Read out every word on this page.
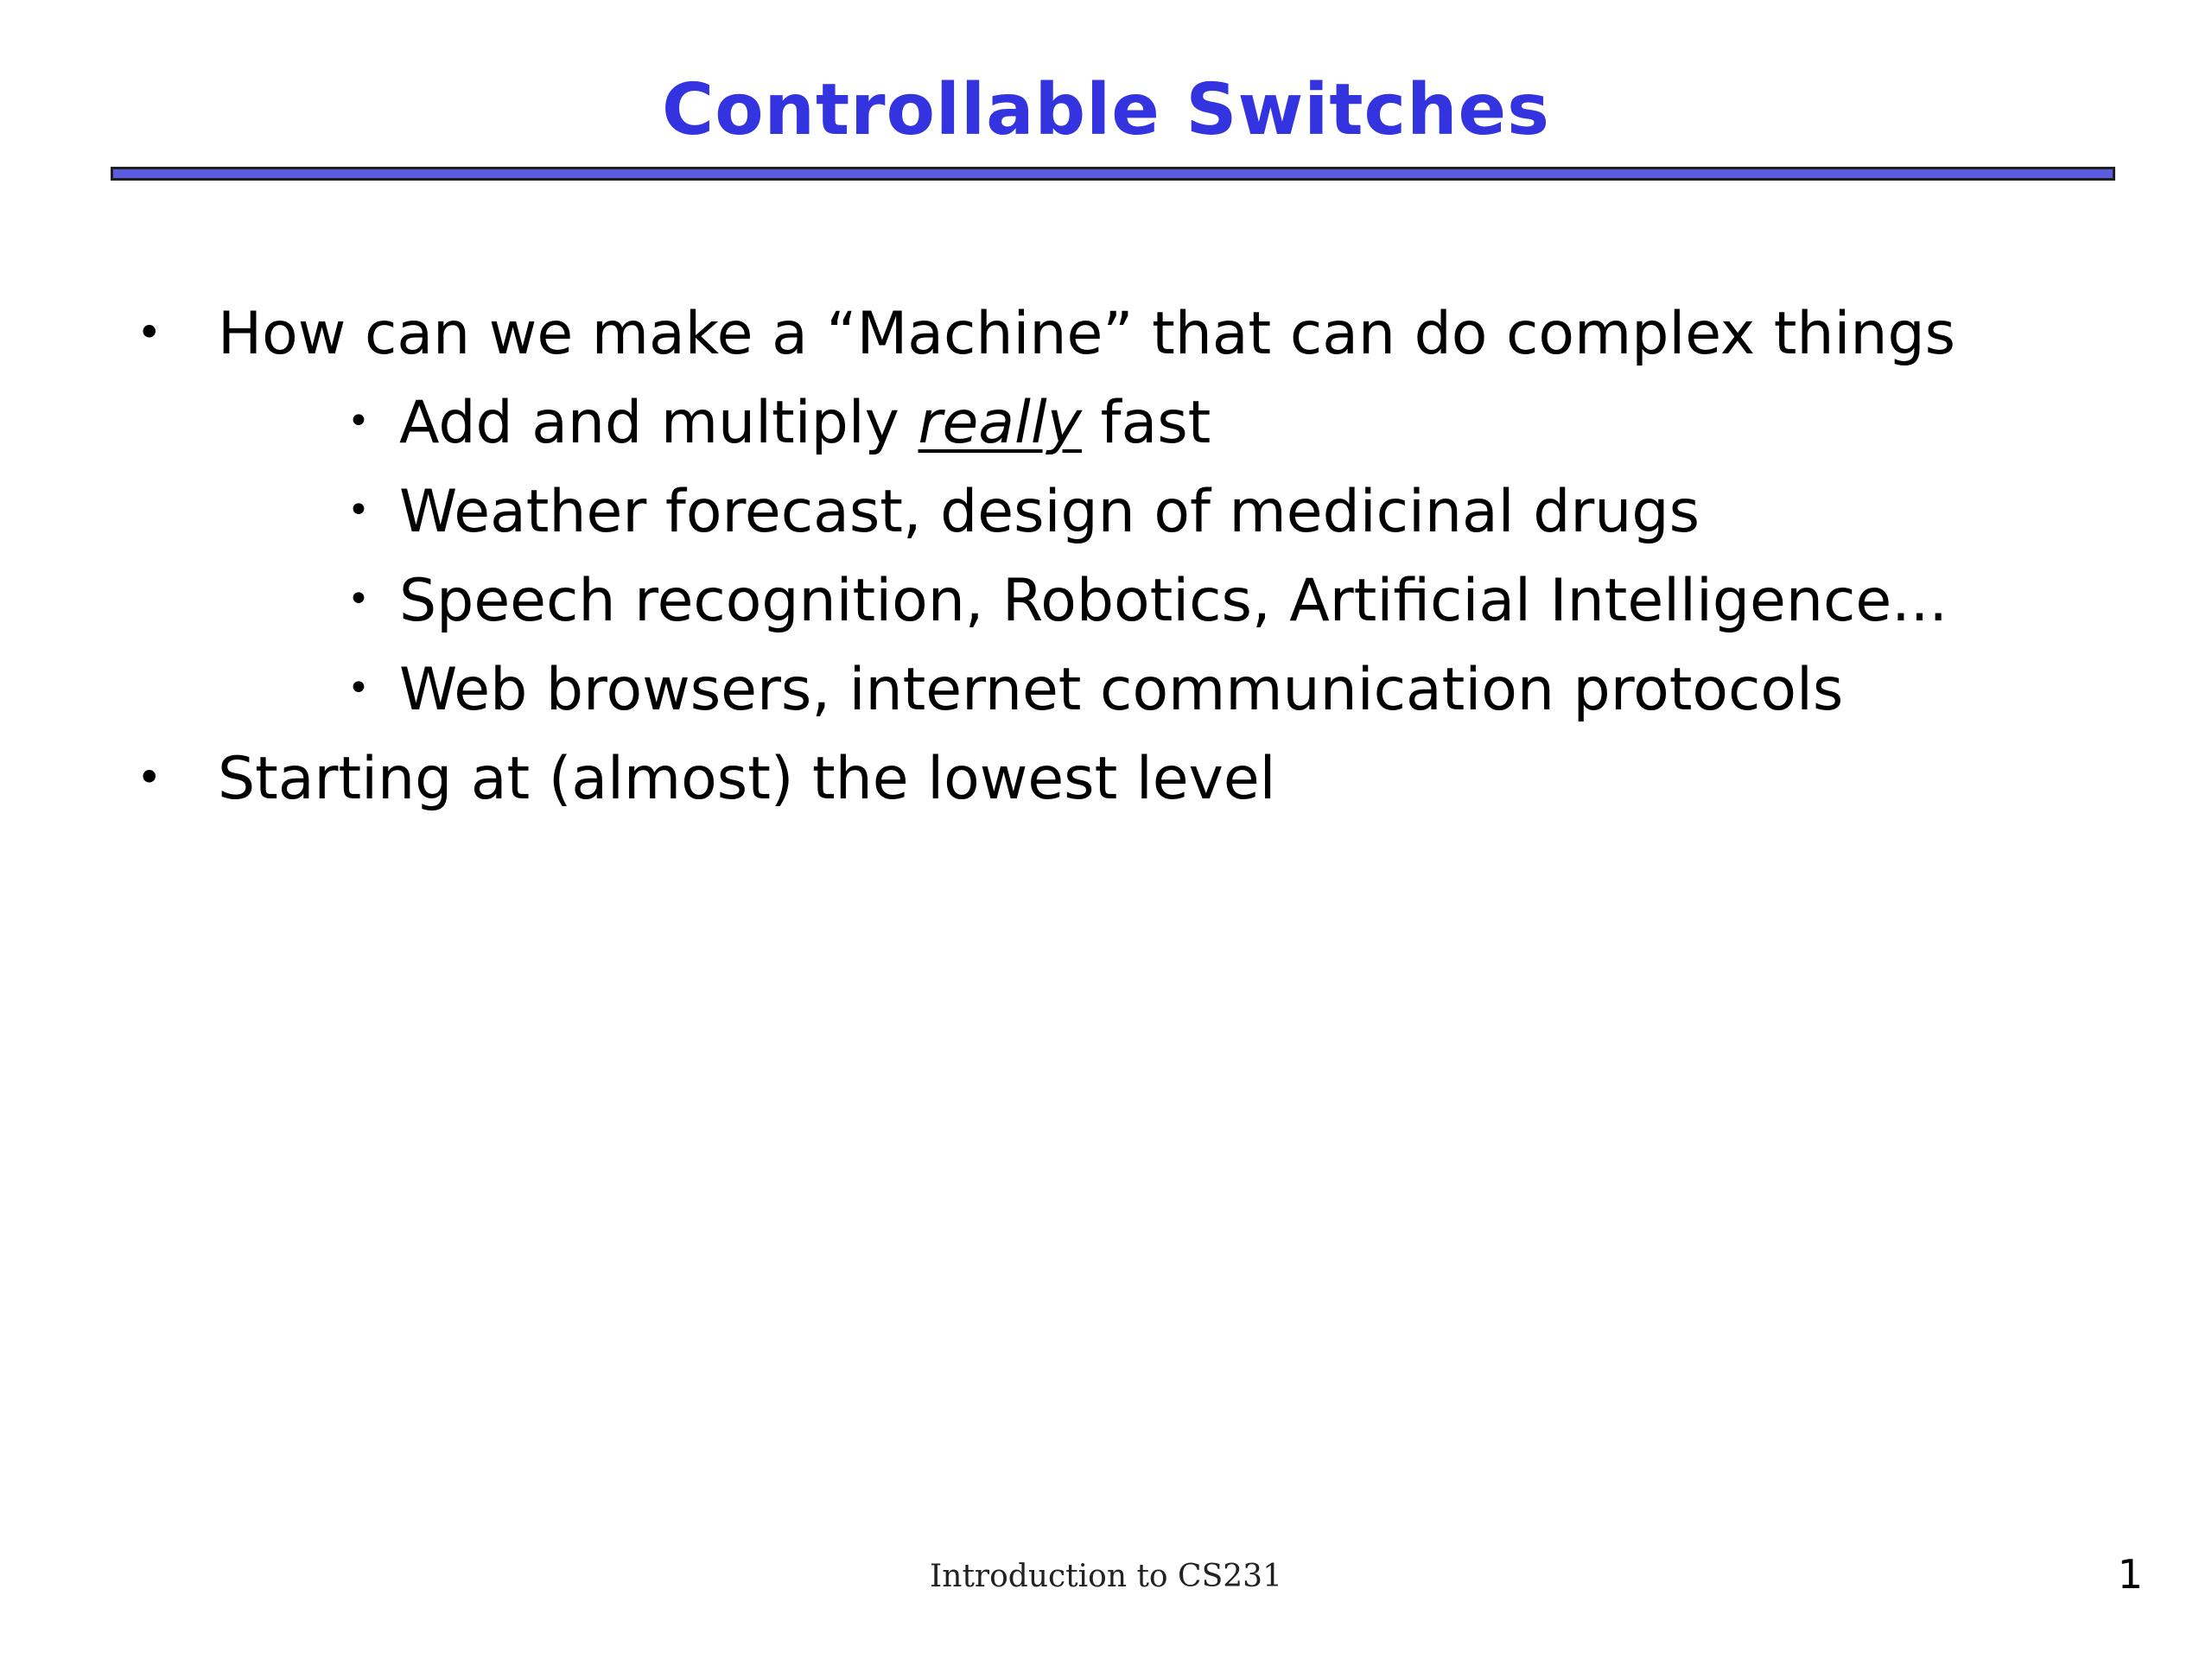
Controllable Switches
• How can we make a “Machine” that can do complex things
• Add and multiply really fast
• Weather forecast, design of medicinal drugs
• Speech recognition, Robotics, Artificial Intelligence...
• Web browsers, internet communication protocols
• Starting at (almost) the lowest level
Introduction to CS231	1
